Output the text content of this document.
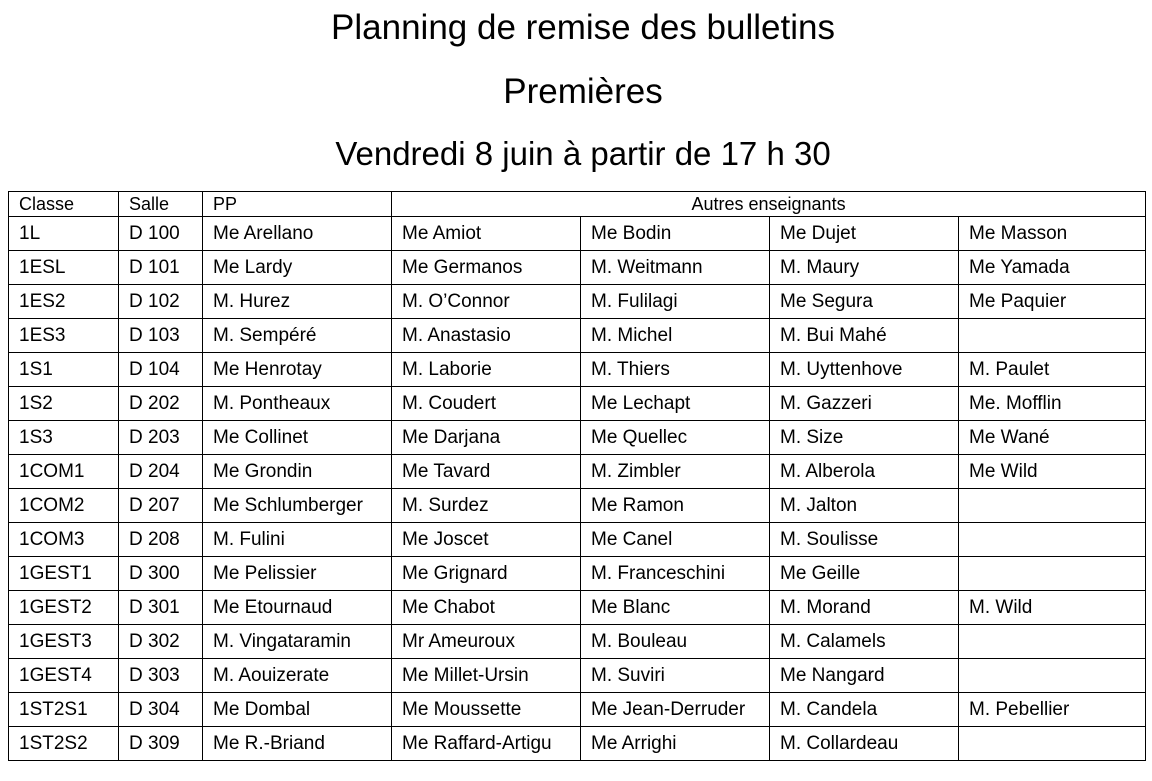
Planning de remise des bulletins
Premières
Vendredi 8 juin à partir de 17 h 30
Classe	Salle	PP	Autres enseignants			
1L	D 100	Me Arellano	Me Amiot	Me Bodin	Me Dujet	Me Masson
1ESL	D 101	Me Lardy	Me Germanos	M. Weitmann	M. Maury	Me Yamada
1ES2	D 102	M. Hurez	M. O’Connor	M. Fulilagi	Me Segura	Me Paquier
1ES3	D 103	M. Sempéré	M. Anastasio	M. Michel	M. Bui Mahé	
1S1	D 104	Me Henrotay	M. Laborie	M. Thiers	M. Uyttenhove	M. Paulet
1S2	D 202	M. Pontheaux	M. Coudert	Me Lechapt	M. Gazzeri	Me. Mofflin
1S3	D 203	Me Collinet	Me Darjana	Me Quellec	M. Size	Me Wané
1COM1	D 204	Me Grondin	Me Tavard	M. Zimbler	M. Alberola	Me Wild
1COM2	D 207	Me Schlumberger	M. Surdez	Me Ramon	M. Jalton	
1COM3	D 208	M. Fulini	Me Joscet	Me Canel	M. Soulisse	
1GEST1	D 300	Me Pelissier	Me Grignard	M. Franceschini	Me Geille	
1GEST2	D 301	Me Etournaud	Me Chabot	Me Blanc	M. Morand	M. Wild
1GEST3	D 302	M. Vingataramin	Mr Ameuroux	M. Bouleau	M. Calamels	
1GEST4	D 303	M. Aouizerate	Me Millet-Ursin	M. Suviri	Me Nangard	
1ST2S1	D 304	Me Dombal	Me Moussette	Me Jean-Derruder	M. Candela	M. Pebellier
1ST2S2	D 309	Me R.-Briand	Me Raffard-Artigu	Me Arrighi	M. Collardeau	
